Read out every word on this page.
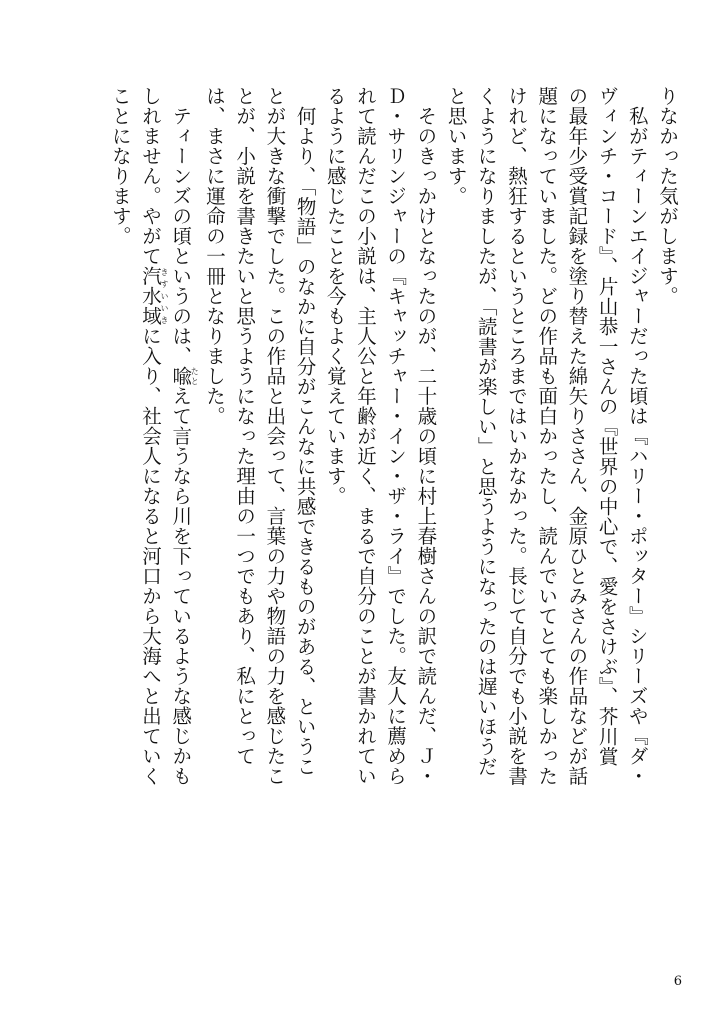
りなかった気がします。

私がティーンエイジャーだった頃は『ハリー・ポッター』シリーズや『ダ・ヴィンチ・コード』、片山恭一さんの『世界の中心で、愛をさけぶ』、芥川賞の最年少受賞記録を塗り替えた綿矢りささん、金原ひとみさんの作品などが話題になっていました。どの作品も面白かったし、読んでいてとても楽しかったけれど、熱狂するというところまではいかなかった。長じて自分でも小説を書くようになりましたが、「読書が楽しい」と思うようになったのは遅いほうだと思います。

そのきっかけとなったのが、二十歳の頃に村上春樹さんの訳で読んだ、Ｊ・Ｄ・サリンジャーの『キャッチャー・イン・ザ・ライ』でした。友人に薦められて読んだこの小説は、主人公と年齢が近く、まるで自分のことが書かれているように感じたことを今もよく覚えています。

何より、「物語」のなかに自分がこんなに共感できるものがある、ということが大きな衝撃でした。この作品と出会って、言葉の力や物語の力を感じたことが、小説を書きたいと思うようになった理由の一つでもあり、私にとっては、まさに運命の一冊となりました。

ティーンズの頃というのは、喩たとえて言うなら川を下っているような感じかもしれません。やがて汽水域きすいいきに入り、社会人になると河口から大海へと出ていくことになります。

6
